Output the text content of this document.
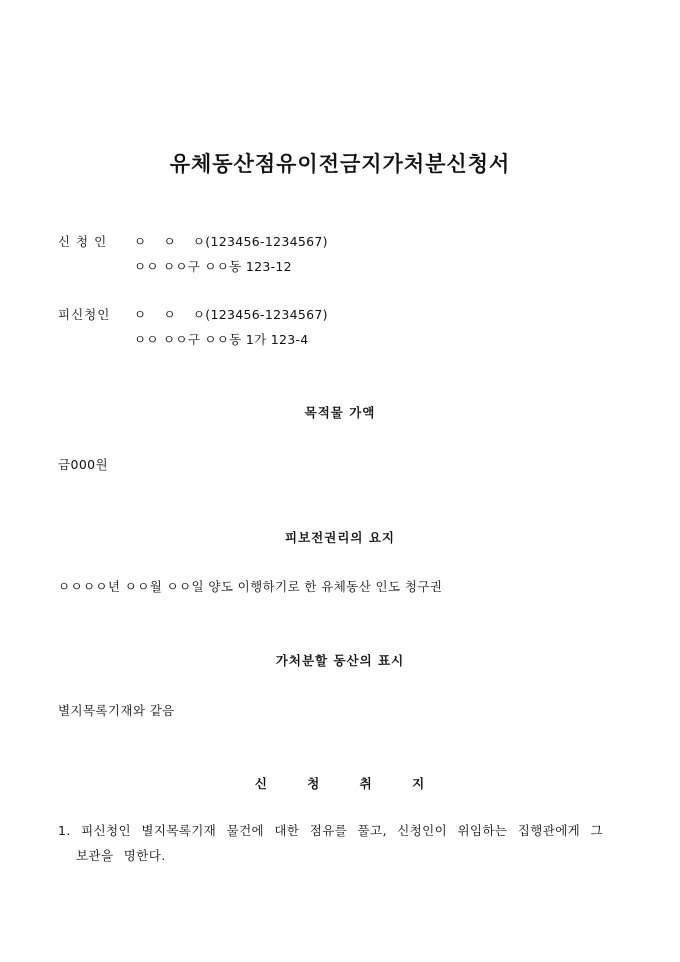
유체동산점유이전금지가처분신청서
신 청 인 ㅇ    ㅇ    ㅇ(123456-1234567)
ㅇㅇ ㅇㅇ구 ㅇㅇ동 123-12
피신청인 ㅇ    ㅇ    ㅇ(123456-1234567)
ㅇㅇ ㅇㅇ구 ㅇㅇ동 1가 123-4
목적물 가액
금000원
피보전권리의 요지
ㅇㅇㅇㅇ년 ㅇㅇ월 ㅇㅇ일 양도 이행하기로 한 유체동산 인도 청구권
가처분할 동산의 표시
별지목록기재와 같음
신 청 취 지
1. 피신청인 별지목록기재 물건에 대한 점유를 풀고, 신청인이 위임하는 집행관에게 그
보관을 명한다.
